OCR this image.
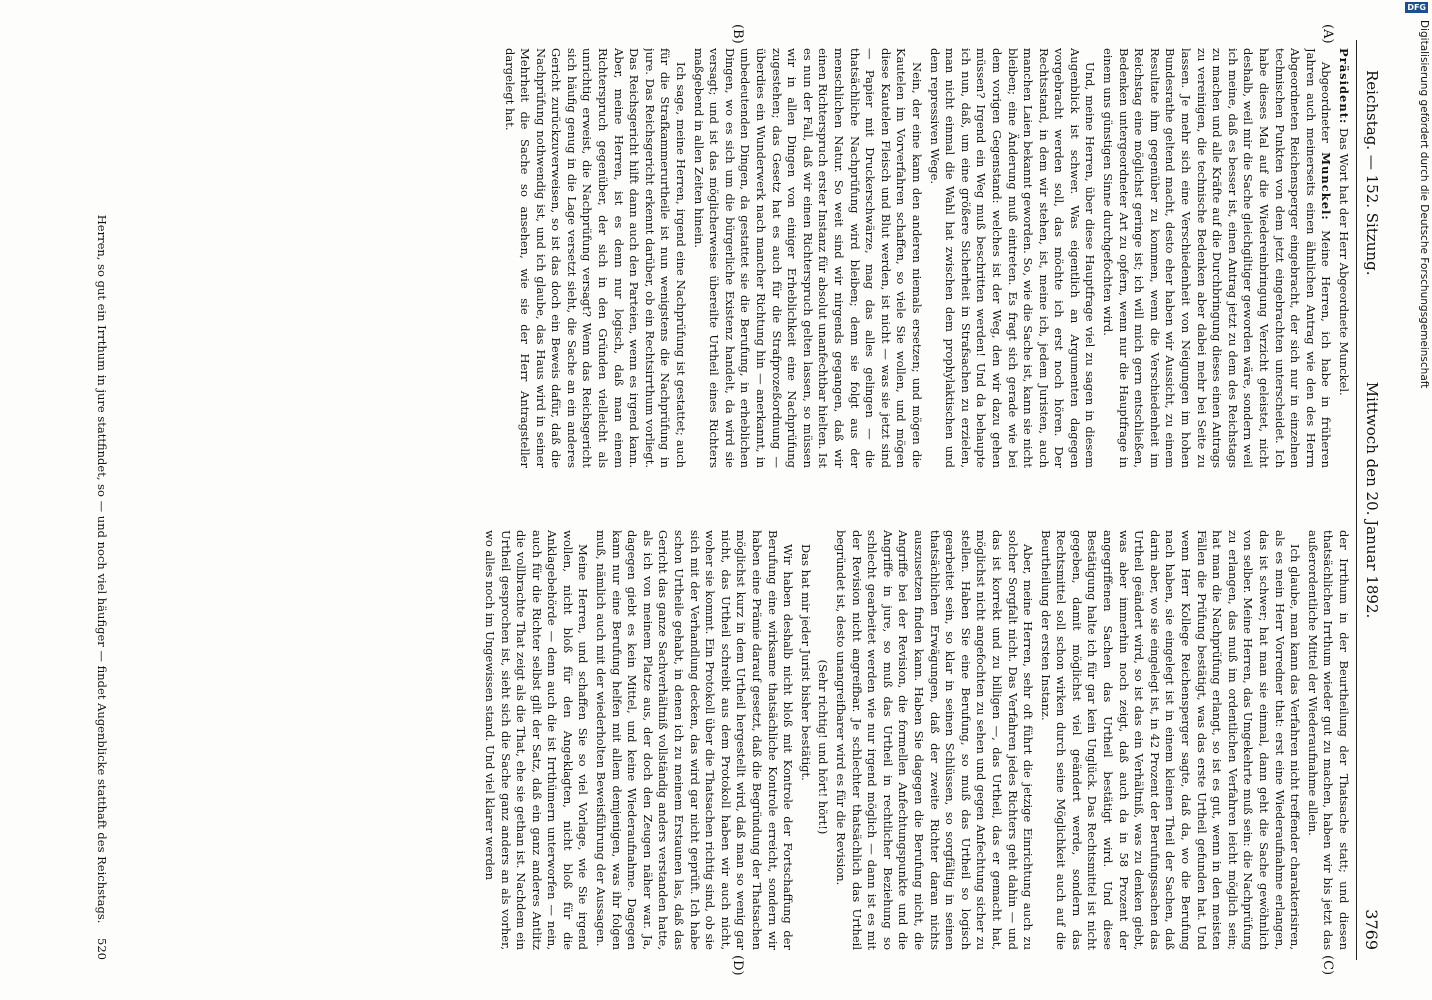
Reichstag. — 152. Sitzung.
Mittwoch den 20. Januar 1892.
3769
(A)
(B)
(C)
(D)

Präsident: Das Wort hat der Herr Abgeordnete Munckel.

Abgeordneter Munckel: Meine Herren, ich habe in früheren Jahren auch meinerseits einen ähnlichen Antrag wie den des Herrn Abgeordneten Reichensperger eingebracht, der sich nur in einzelnen technischen Punkten von dem jetzt eingebrachten unterscheidet. Ich habe dieses Mal auf die Wiedereinbringung Verzicht geleistet, nicht deshalb, weil mir die Sache gleichgiltiger geworden wäre, sondern weil ich meine, daß es besser ist, einen Antrag jetzt zu dem des Reichstags zu machen und alle Kräfte auf die Durchbringung dieses einen Antrags zu vereinigen, die technische Bedenken aber dabei mehr bei Seite zu lassen. Je mehr sich eine Verschiedenheit von Neigungen im hohen Bundesrathe geltend macht, desto eher haben wir Aussicht, zu einem Resultate ihm gegenüber zu kommen, wenn die Verschiedenheit im Reichstag eine möglichst geringe ist; ich will mich gern entschließen, Bedenken untergeordneter Art zu opfern, wenn nur die Hauptfrage in einem uns günstigen Sinne durchgefochten wird.

Und, meine Herren, über diese Hauptfrage viel zu sagen in diesem Augenblick ist schwer. Was eigentlich an Argumenten dagegen vorgebracht werden soll, das möchte ich erst noch hören. Der Rechtsstand, in dem wir stehen, ist, meine ich, jedem Juristen, auch manchen Laien bekannt geworden. So, wie die Sache ist, kann sie nicht bleiben; eine Änderung muß eintreten. Es fragt sich gerade wie bei dem vorigen Gegenstand: welches ist der Weg, den wir dazu gehen müssen? Irgend ein Weg muß beschritten werden! Und da behaupte ich nun, daß, um eine größere Sicherheit in Strafsachen zu erzielen, man nicht einmal die Wahl hat zwischen dem prophylaktischen und dem repressiven Wege.

Nein, der eine kann den anderen niemals ersetzen; und mögen die Kautelen im Vorverfahren schaffen, so viele Sie wollen, und mögen diese Kautelen Fleisch und Blut werden, ist nicht — was sie jetzt sind — Papier mit Druckerschwärze, mag das alles gelingen — die thatsächliche Nachprüfung wird bleiben; denn sie folgt aus der menschlichen Natur. So weit sind wir nirgends gegangen, daß wir einen Richterspruch erster Instanz für absolut unanfechtbar hielten. Ist es nun der Fall, daß wir einen Richterspruch gelten lassen, so müssen wir in allen Dingen von einiger Erheblichkeit eine Nachprüfung zugestehen; das Gesetz hat es auch für die Strafprozeßordnung — überdies ein Wunderwerk nach mancher Richtung hin — anerkannt, in unbedeutenden Dingen, da gestattet sie die Berufung, in erheblichen Dingen, wo es sich um die bürgerliche Existenz handelt, da wird sie versagt; und ist das möglicherweise übereilte Urtheil eines Richters maßgebend in allen Zeiten hinein.

Ich sage, meine Herren, irgend eine Nachprüfung ist gestattet; auch für die Strafkammerurtheile ist nun wenigstens die Nachprüfung in jure. Das Reichsgericht erkennt darüber, ob ein Rechtsirrthum vorliegt. Das Reichsgericht hilft dann auch den Parteien, wenn es irgend kann. Aber, meine Herren, ist es denn nur logisch, daß man einem Richterspruch gegenüber, der sich in den Gründen vielleicht als unrichtig erweist, die Nachprüfung versagt? Wenn das Reichsgericht sich häufig genug in die Lage versetzt sieht, die Sache an ein anderes Gericht zurückzuverweisen, so ist das doch ein Beweis dafür, daß die Nachprüfung nothwendig ist, und ich glaube, das Haus wird in seiner Mehrheit die Sache so ansehen, wie sie der Herr Antragsteller dargelegt hat.

der Irrthum in der Beurtheilung der Thatsache statt; und diesen thatsächlichen Irrthum wieder gut zu machen, haben wir bis jetzt das außerordentliche Mittel der Wiederaufnahme allein.

Ich glaube, man kann das Verfahren nicht treffender charakterisiren, als es mein Herr Vorredner that: erst eine Wiederaufnahme erlangen, das ist schwer; hat man sie einmal, dann geht die Sache gewöhnlich von selber. Meine Herren, das Umgekehrte muß sein: die Nachprüfung zu erlangen, das muß im ordentlichen Verfahren leicht möglich sein; hat man die Nachprüfung erlangt, so ist es gut, wenn in den meisten Fällen die Prüfung bestätigt, was das erste Urtheil gefunden hat. Und wenn Herr Kollege Reichensperger sagte, daß da, wo die Berufung nach haben, sie eingelegt ist in einem kleinen Theil der Sachen, daß darin aber, wo sie eingelegt ist, in 42 Prozent der Berufungssachen das Urtheil geändert wird, so ist das ein Verhältniß, was zu denken giebt, was aber immerhin noch zeigt, daß auch da in 58 Prozent der angegriffenen Sachen das Urtheil bestätigt wird. Und diese Bestätigung halte ich für gar kein Unglück. Das Rechtsmittel ist nicht gegeben, damit möglichst viel geändert werde, sondern das Rechtsmittel soll schon wirken durch seine Möglichkeit auch auf die Beurtheilung der ersten Instanz.

Aber, meine Herren, sehr oft führt die jetzige Einrichtung auch zu solcher Sorgfalt nicht. Das Verfahren jedes Richters geht dahin — und das ist korrekt und zu billigen —, das Urtheil, das er gemacht hat, möglichst nicht angefochten zu sehen und gegen Anfechtung sicher zu stellen. Haben Sie eine Berufung, so muß das Urtheil so logisch gearbeitet sein, so klar in seinen Schlüssen, so sorgfältig in seinen thatsächlichen Erwägungen, daß der zweite Richter daran nichts auszusetzen finden kann. Haben Sie dagegen die Berufung nicht, die Angriffe bei der Revision, die formellen Anfechtungspunkte und die Angriffe in jure, so muß das Urtheil in rechtlicher Beziehung so schlecht gearbeitet werden wie nur irgend möglich — dann ist es mit der Revision nicht angreifbar. Je schlechter thatsächlich das Urtheil begründet ist, desto unangreifbarer wird es für die Revision.

(Sehr richtig! und hört! hört!)

Das hat mir jeder Jurist bisher bestätigt.

Wir haben deshalb nicht bloß mit Kontrole der Fortschaffung der Berufung eine wirksame thatsächliche Kontrole erreicht, sondern wir haben eine Prämie darauf gesetzt, daß die Begründung der Thatsachen möglichst kurz in dem Urtheil hergestellt wird, daß man so wenig gar nicht, das Urtheil schreibt aus dem Protokoll haben wir auch nicht, woher sie kommt. Ein Protokoll über die Thatsachen richtig sind, ob sie sich mit der Verhandlung decken, das wird gar nicht geprüft. Ich habe schon Urtheile gehabt, in denen ich zu meinem Erstaunen las, daß das Gericht das ganze Sachverhältniß vollständig anders verstanden hatte, als ich von meinem Platze aus, der doch den Zeugen näher war. Ja, dagegen giebt es kein Mittel, und keine Wiederaufnahme. Dagegen kann nur eine Berufung helfen mit allem demjenigen, was ihr folgen muß, nämlich auch mit der wiederholten Beweisführung der Aussagen.

Meine Herren, und schaffen Sie so viel Vorlage, wie Sie irgend wollen, nicht bloß für den Angeklagten, nicht bloß für die Anklagebehörde — denn auch die ist Irrthümern unterworfen — nein, auch für die Richter selbst gilt der Satz, daß ein ganz anderes Antlitz die vollbrachte That zeigt als die That, ehe sie gethan ist. Nachdem ein Urtheil gesprochen ist, sieht sich die Sache ganz anders an als vorher, wo alles noch im Ungewissen stand. Und viel klarer werden

Herren, so gut ein Irrthum in jure stattfindet, so — und noch viel häufiger — findet Augenblicke statthaft des Reichstags.    520
Digitalisierung gefördert durch die Deutsche Forschungsgemeinschaft
DFG
